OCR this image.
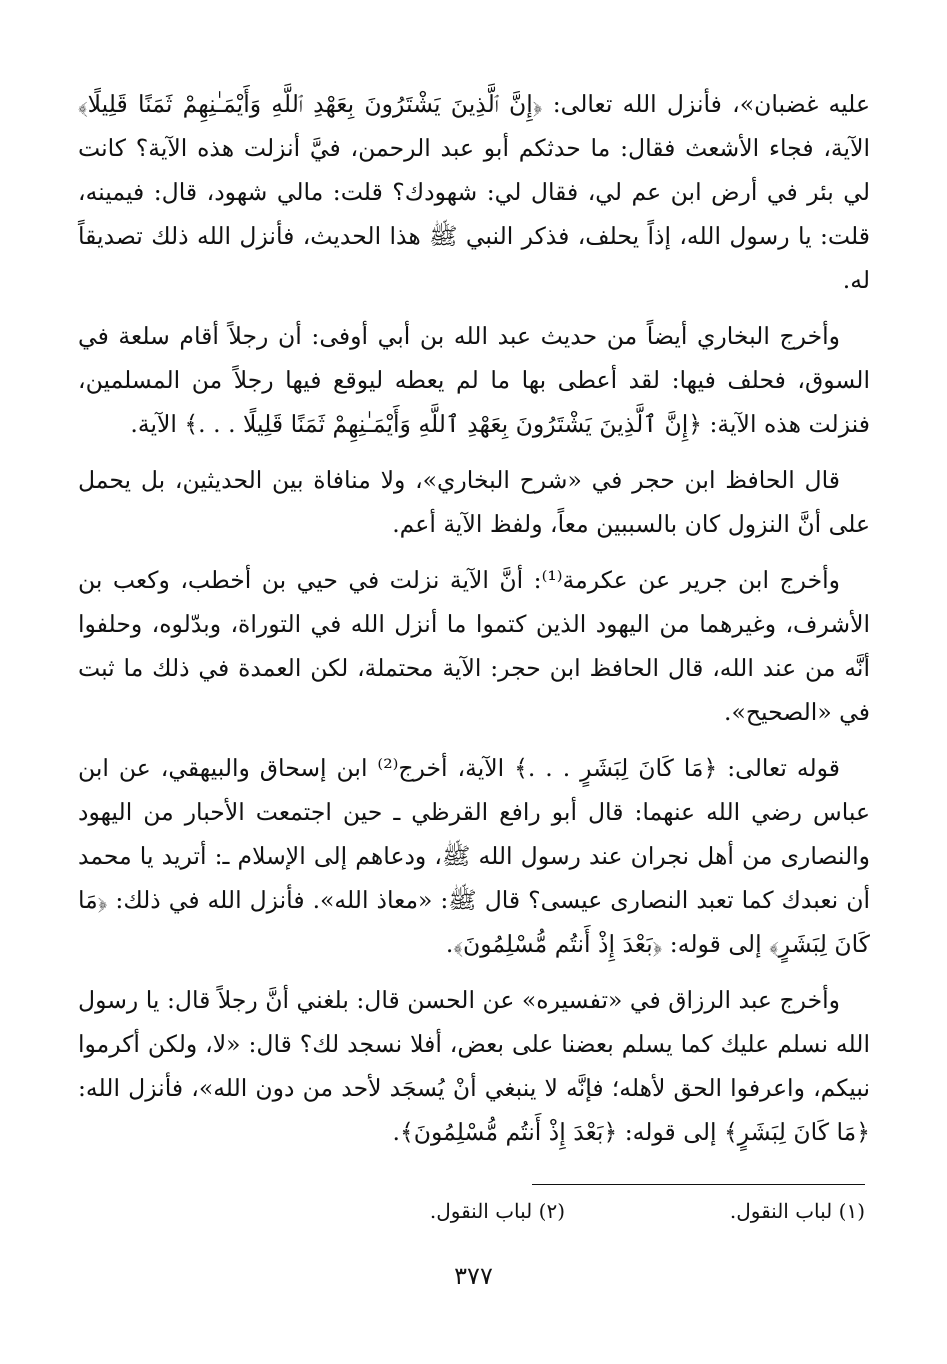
عليه غضبان»، فأنزل الله تعالى: ﴿إِنَّ ٱلَّذِينَ يَشْتَرُونَ بِعَهْدِ ٱللَّهِ وَأَيْمَـٰنِهِمْ ثَمَنًا قَلِيلًا﴾ الآية، فجاء الأشعث فقال: ما حدثكم أبو عبد الرحمن، فيَّ أنزلت هذه الآية؟ كانت لي بئر في أرض ابن عم لي، فقال لي: شهودك؟ قلت: مالي شهود، قال: فيمينه، قلت: يا رسول الله، إذاً يحلف، فذكر النبي ﷺ هذا الحديث، فأنزل الله ذلك تصديقاً له.

وأخرج البخاري أيضاً من حديث عبد الله بن أبي أوفى: أن رجلاً أقام سلعة في السوق، فحلف فيها: لقد أعطى بها ما لم يعطه ليوقع فيها رجلاً من المسلمين، فنزلت هذه الآية: ﴿إِنَّ ٱلَّذِينَ يَشْتَرُونَ بِعَهْدِ ٱللَّهِ وَأَيْمَـٰنِهِمْ ثَمَنًا قَلِيلًا . . .﴾ الآية.

قال الحافظ ابن حجر في «شرح البخاري»، ولا منافاة بين الحديثين، بل يحمل على أنَّ النزول كان بالسببين معاً، ولفظ الآية أعم.

وأخرج ابن جرير عن عكرمة⁽¹⁾: أنَّ الآية نزلت في حيي بن أخطب، وكعب بن الأشرف، وغيرهما من اليهود الذين كتموا ما أنزل الله في التوراة، وبدّلوه، وحلفوا أنَّه من عند الله، قال الحافظ ابن حجر: الآية محتملة، لكن العمدة في ذلك ما ثبت في «الصحيح».

قوله تعالى: ﴿مَا كَانَ لِبَشَرٍ . . .﴾ الآية، أخرج⁽²⁾ ابن إسحاق والبيهقي، عن ابن عباس رضي الله عنهما: قال أبو رافع القرظي ـ حين اجتمعت الأحبار من اليهود والنصارى من أهل نجران عند رسول الله ﷺ، ودعاهم إلى الإسلام ـ: أتريد يا محمد أن نعبدك كما تعبد النصارى عيسى؟ قال ﷺ: «معاذ الله». فأنزل الله في ذلك: ﴿مَا كَانَ لِبَشَرٍ﴾ إلى قوله: ﴿بَعْدَ إِذْ أَنتُم مُّسْلِمُونَ﴾.

وأخرج عبد الرزاق في «تفسيره» عن الحسن قال: بلغني أنَّ رجلاً قال: يا رسول الله نسلم عليك كما يسلم بعضنا على بعض، أفلا نسجد لك؟ قال: «لا، ولكن أكرموا نبيكم، واعرفوا الحق لأهله؛ فإنَّه لا ينبغي أنْ يُسجَد لأحد من دون الله»، فأنزل الله: ﴿مَا كَانَ لِبَشَرٍ﴾ إلى قوله: ﴿بَعْدَ إِذْ أَنتُم مُّسْلِمُونَ﴾.

(١) لباب النقول.
(٢) لباب النقول.
٣٧٧
